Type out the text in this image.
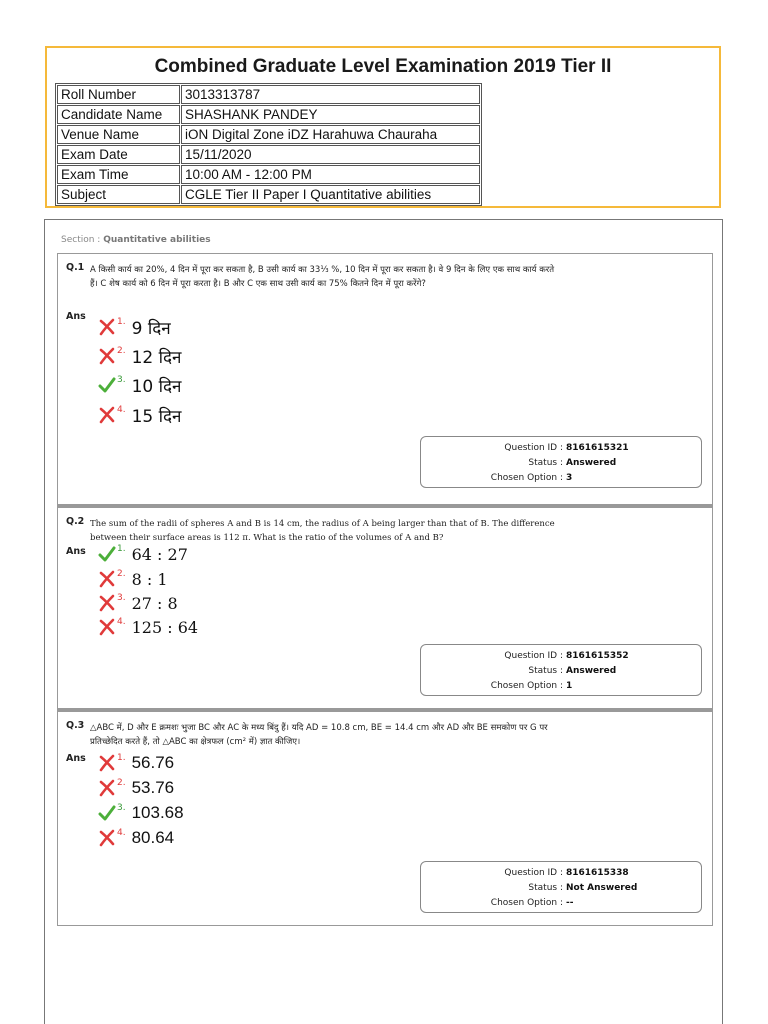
Combined Graduate Level Examination 2019 Tier II
Roll Number	3013313787
Candidate Name	SHASHANK PANDEY
Venue Name	iON Digital Zone iDZ Harahuwa Chauraha
Exam Date	15/11/2020
Exam Time	10:00 AM - 12:00 PM
Subject	CGLE Tier II Paper I Quantitative abilities
Section : Quantitative abilities
Q.1 A किसी कार्य का 20%, 4 दिन में पूरा कर सकता है, B उसी कार्य का 33⅓ %, 10 दिन में पूरा कर सकता है। वे 9 दिन के लिए एक साथ कार्य करते हैं। C शेष कार्य को 6 दिन में पूरा करता है। B और C एक साथ उसी कार्य का 75% कितने दिन में पूरा करेंगे?
Ans	1. 9 दिन
2. 12 दिन
3. 10 दिन
4. 15 दिन
Question ID : 8161615321
Status : Answered
Chosen Option : 3
Q.2 The sum of the radii of spheres A and B is 14 cm, the radius of A being larger than that of B. The difference between their surface areas is 112 π. What is the ratio of the volumes of A and B?
Ans	1. 64 : 27
2. 8 : 1
3. 27 : 8
4. 125 : 64
Question ID : 8161615352
Status : Answered
Chosen Option : 1
Q.3 △ABC में, D और E क्रमशः भुजा BC और AC के मध्य बिंदु हैं। यदि AD = 10.8 cm, BE = 14.4 cm और AD और BE समकोण पर G पर प्रतिच्छेदित करते हैं, तो △ABC का क्षेत्रफल (cm² में) ज्ञात कीजिए।
Ans	1. 56.76
2. 53.76
3. 103.68
4. 80.64
Question ID : 8161615338
Status : Not Answered
Chosen Option : --
